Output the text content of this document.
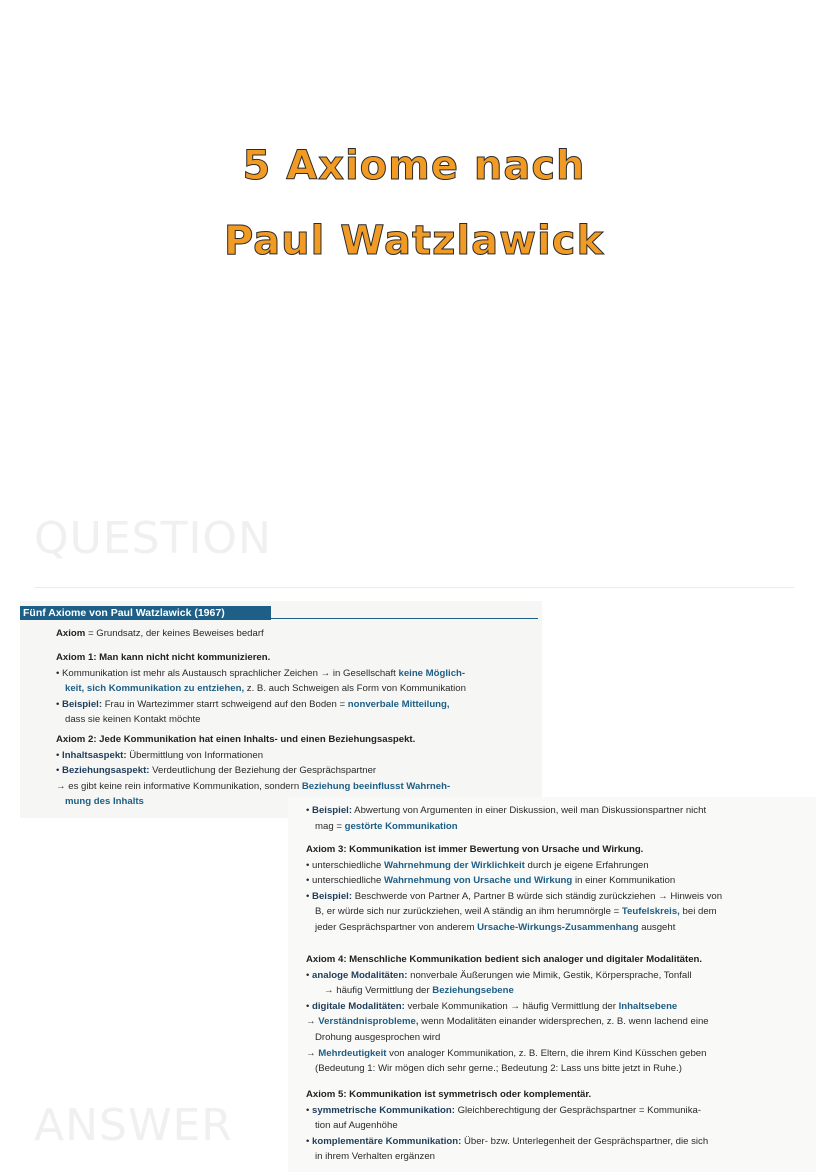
5 Axiome nach
Paul Watzlawick
QUESTION
Fünf Axiome von Paul Watzlawick (1967)
Axiom = Grundsatz, der keines Beweises bedarf
Axiom 1: Man kann nicht nicht kommunizieren.
• Kommunikation ist mehr als Austausch sprachlicher Zeichen → in Gesellschaft keine Möglich-
keit, sich Kommunikation zu entziehen, z. B. auch Schweigen als Form von Kommunikation
• Beispiel: Frau in Wartezimmer starrt schweigend auf den Boden = nonverbale Mitteilung,
dass sie keinen Kontakt möchte
Axiom 2: Jede Kommunikation hat einen Inhalts- und einen Beziehungsaspekt.
• Inhaltsaspekt: Übermittlung von Informationen
• Beziehungsaspekt: Verdeutlichung der Beziehung der Gesprächspartner
→ es gibt keine rein informative Kommunikation, sondern Beziehung beeinflusst Wahrneh-
mung des Inhalts
• Beispiel: Abwertung von Argumenten in einer Diskussion, weil man Diskussionspartner nicht
mag = gestörte Kommunikation
Axiom 3: Kommunikation ist immer Bewertung von Ursache und Wirkung.
• unterschiedliche Wahrnehmung der Wirklichkeit durch je eigene Erfahrungen
• unterschiedliche Wahrnehmung von Ursache und Wirkung in einer Kommunikation
• Beispiel: Beschwerde von Partner A, Partner B würde sich ständig zurückziehen → Hinweis von
B, er würde sich nur zurückziehen, weil A ständig an ihm herumnörgle = Teufelskreis, bei dem
jeder Gesprächspartner von anderem Ursache-Wirkungs-Zusammenhang ausgeht
Axiom 4: Menschliche Kommunikation bedient sich analoger und digitaler Modalitäten.
• analoge Modalitäten: nonverbale Äußerungen wie Mimik, Gestik, Körpersprache, Tonfall
→ häufig Vermittlung der Beziehungsebene
• digitale Modalitäten: verbale Kommunikation → häufig Vermittlung der Inhaltsebene
→ Verständnisprobleme, wenn Modalitäten einander widersprechen, z. B. wenn lachend eine
Drohung ausgesprochen wird
→ Mehrdeutigkeit von analoger Kommunikation, z. B. Eltern, die ihrem Kind Küsschen geben
(Bedeutung 1: Wir mögen dich sehr gerne.; Bedeutung 2: Lass uns bitte jetzt in Ruhe.)
Axiom 5: Kommunikation ist symmetrisch oder komplementär.
• symmetrische Kommunikation: Gleichberechtigung der Gesprächspartner = Kommunika-
tion auf Augenhöhe
• komplementäre Kommunikation: Über- bzw. Unterlegenheit der Gesprächspartner, die sich
in ihrem Verhalten ergänzen
ANSWER
